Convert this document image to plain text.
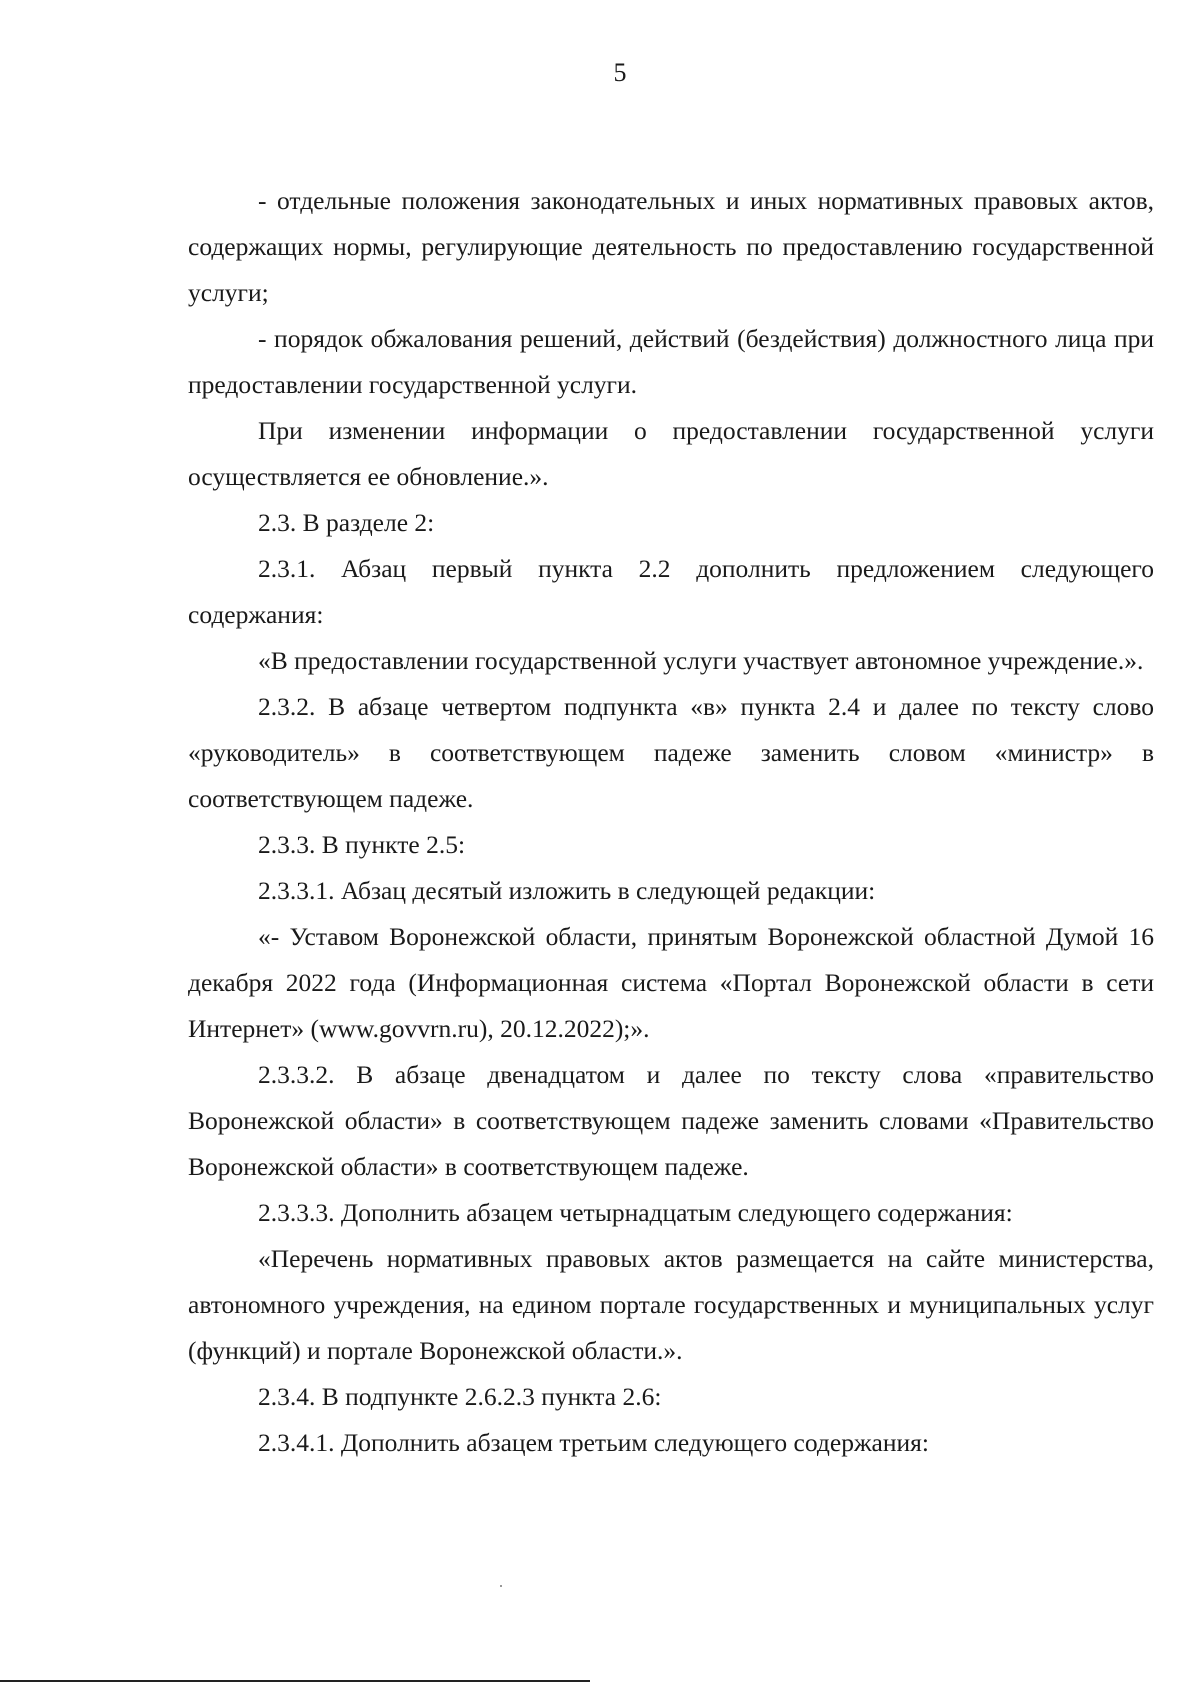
5

- отдельные положения законодательных и иных нормативных правовых актов, содержащих нормы, регулирующие деятельность по предоставлению государственной услуги;

- порядок обжалования решений, действий (бездействия) должностного лица при предоставлении государственной услуги.

При изменении информации о предоставлении государственной услуги осуществляется ее обновление.».

2.3. В разделе 2:

2.3.1. Абзац первый пункта 2.2 дополнить предложением следующего содержания:

«В предоставлении государственной услуги участвует автономное учреждение.».

2.3.2. В абзаце четвертом подпункта «в» пункта 2.4 и далее по тексту слово «руководитель» в соответствующем падеже заменить словом «министр» в соответствующем падеже.

2.3.3. В пункте 2.5:

2.3.3.1. Абзац десятый изложить в следующей редакции:

«- Уставом Воронежской области, принятым Воронежской областной Думой 16 декабря 2022 года (Информационная система «Портал Воронежской области в сети Интернет» (www.govvrn.ru), 20.12.2022);».

2.3.3.2. В абзаце двенадцатом и далее по тексту слова «правительство Воронежской области» в соответствующем падеже заменить словами «Правительство Воронежской области» в соответствующем падеже.

2.3.3.3. Дополнить абзацем четырнадцатым следующего содержания:

«Перечень нормативных правовых актов размещается на сайте министерства, автономного учреждения, на едином портале государственных и муниципальных услуг (функций) и портале Воронежской области.».

2.3.4. В подпункте 2.6.2.3 пункта 2.6:

2.3.4.1. Дополнить абзацем третьим следующего содержания:
